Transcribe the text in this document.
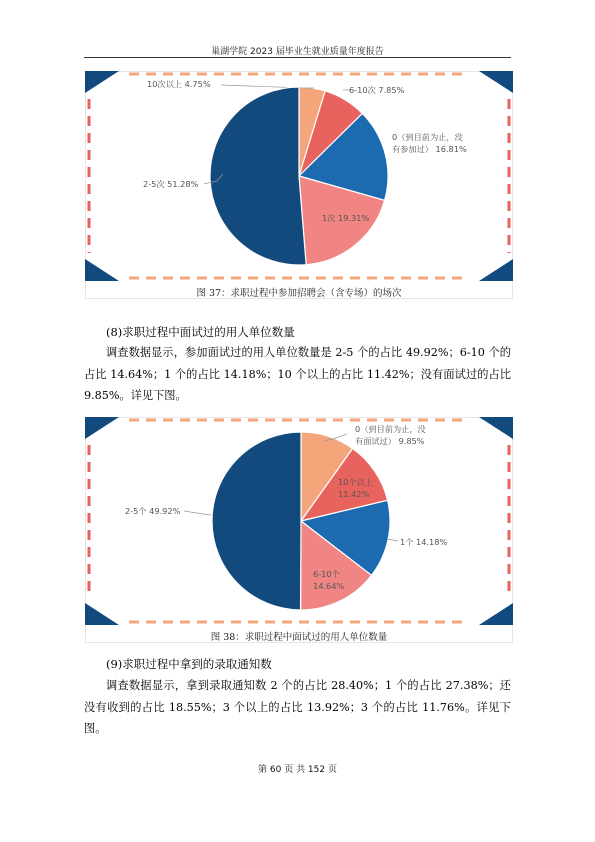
巢湖学院 2023 届毕业生就业质量年度报告
10次以上 4.75%
6-10次 7.85%
0（到目前为止，没有参加过） 16.81%
1次 19.31%
2-5次 51.28%
图 37：求职过程中参加招聘会（含专场）的场次
(8)求职过程中面试过的用人单位数量

调查数据显示，参加面试过的用人单位数量是 2-5 个的占比 49.92%；6-10 个的占比 14.64%；1 个的占比 14.18%；10 个以上的占比 11.42%；没有面试过的占比 9.85%。详见下图。

0（到目前为止，没有面试过） 9.85%
10个以上 11.42%
1个 14.18%
6-10个 14.64%
2-5个 49.92%
图 38：求职过程中面试过的用人单位数量
(9)求职过程中拿到的录取通知数

调查数据显示，拿到录取通知数 2 个的占比 28.40%；1 个的占比 27.38%；还没有收到的占比 18.55%；3 个以上的占比 13.92%；3 个的占比 11.76%。详见下图。

第 60 页 共 152 页
